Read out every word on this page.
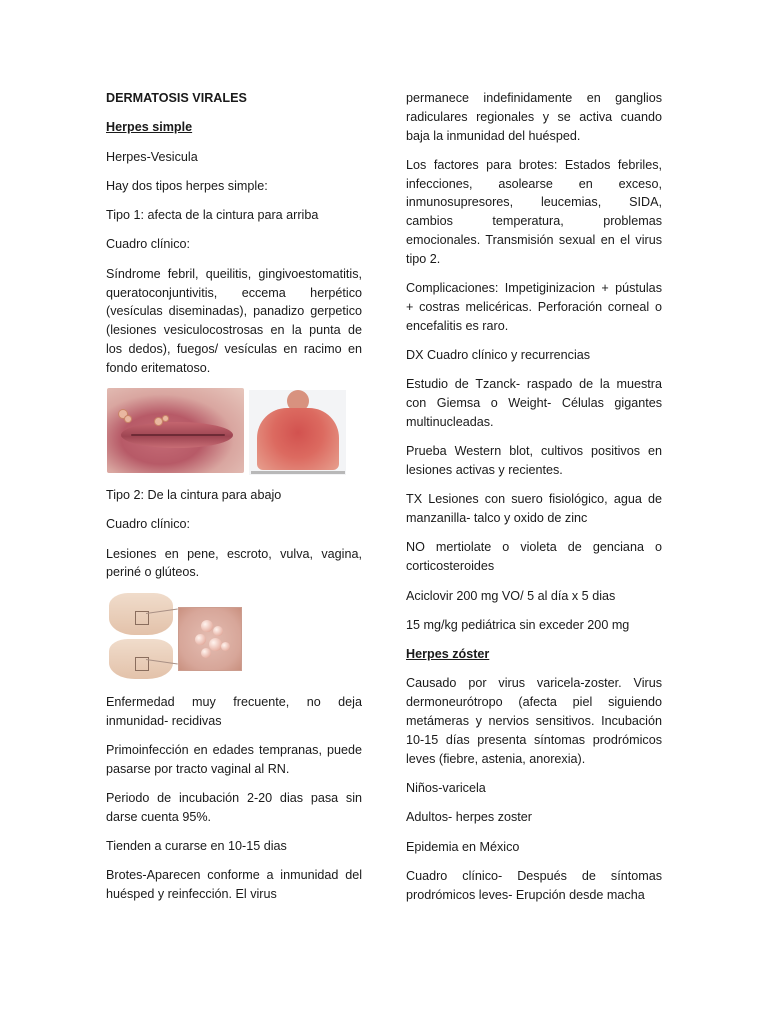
DERMATOSIS VIRALES

Herpes simple

Herpes-Vesicula

Hay dos tipos herpes simple:

Tipo 1: afecta de la cintura para arriba

Cuadro clínico:

Síndrome febril, queilitis, gingivoestomatitis, queratoconjuntivitis, eccema herpético (vesículas diseminadas), panadizo gerpetico (lesiones vesiculocostrosas en la punta de los dedos), fuegos/ vesículas en racimo en fondo eritematoso.

Tipo 2: De la cintura para abajo

Cuadro clínico:

Lesiones en pene, escroto, vulva, vagina, periné o glúteos.

Enfermedad muy frecuente, no deja inmunidad- recidivas

Primoinfección en edades tempranas, puede pasarse por tracto vaginal al RN.

Periodo de incubación 2-20 dias pasa sin darse cuenta 95%.

Tienden a curarse en 10-15 dias

Brotes-Aparecen conforme a inmunidad del huésped y reinfección. El virus

permanece indefinidamente en ganglios radiculares regionales y se activa cuando baja la inmunidad del huésped.

Los factores para brotes: Estados febriles, infecciones, asolearse en exceso, inmunosupresores, leucemias, SIDA, cambios temperatura, problemas emocionales. Transmisión sexual en el virus tipo 2.

Complicaciones: Impetiginizacion + pústulas + costras melicéricas. Perforación corneal o encefalitis es raro.

DX Cuadro clínico y recurrencias

Estudio de Tzanck- raspado de la muestra con Giemsa o Weight- Células gigantes multinucleadas.

Prueba Western blot, cultivos positivos en lesiones activas y recientes.

TX Lesiones con suero fisiológico, agua de manzanilla- talco y oxido de zinc

NO mertiolate o violeta de genciana o corticosteroides

Aciclovir 200 mg VO/ 5 al día x 5 dias

15 mg/kg pediátrica sin exceder 200 mg

Herpes zóster

Causado por virus varicela-zoster. Virus dermoneurótropo (afecta piel siguiendo metámeras y nervios sensitivos. Incubación 10-15 días presenta síntomas prodrómicos leves (fiebre, astenia, anorexia).

Niños-varicela

Adultos- herpes zoster

Epidemia en México

Cuadro clínico- Después de síntomas prodrómicos leves- Erupción desde macha
